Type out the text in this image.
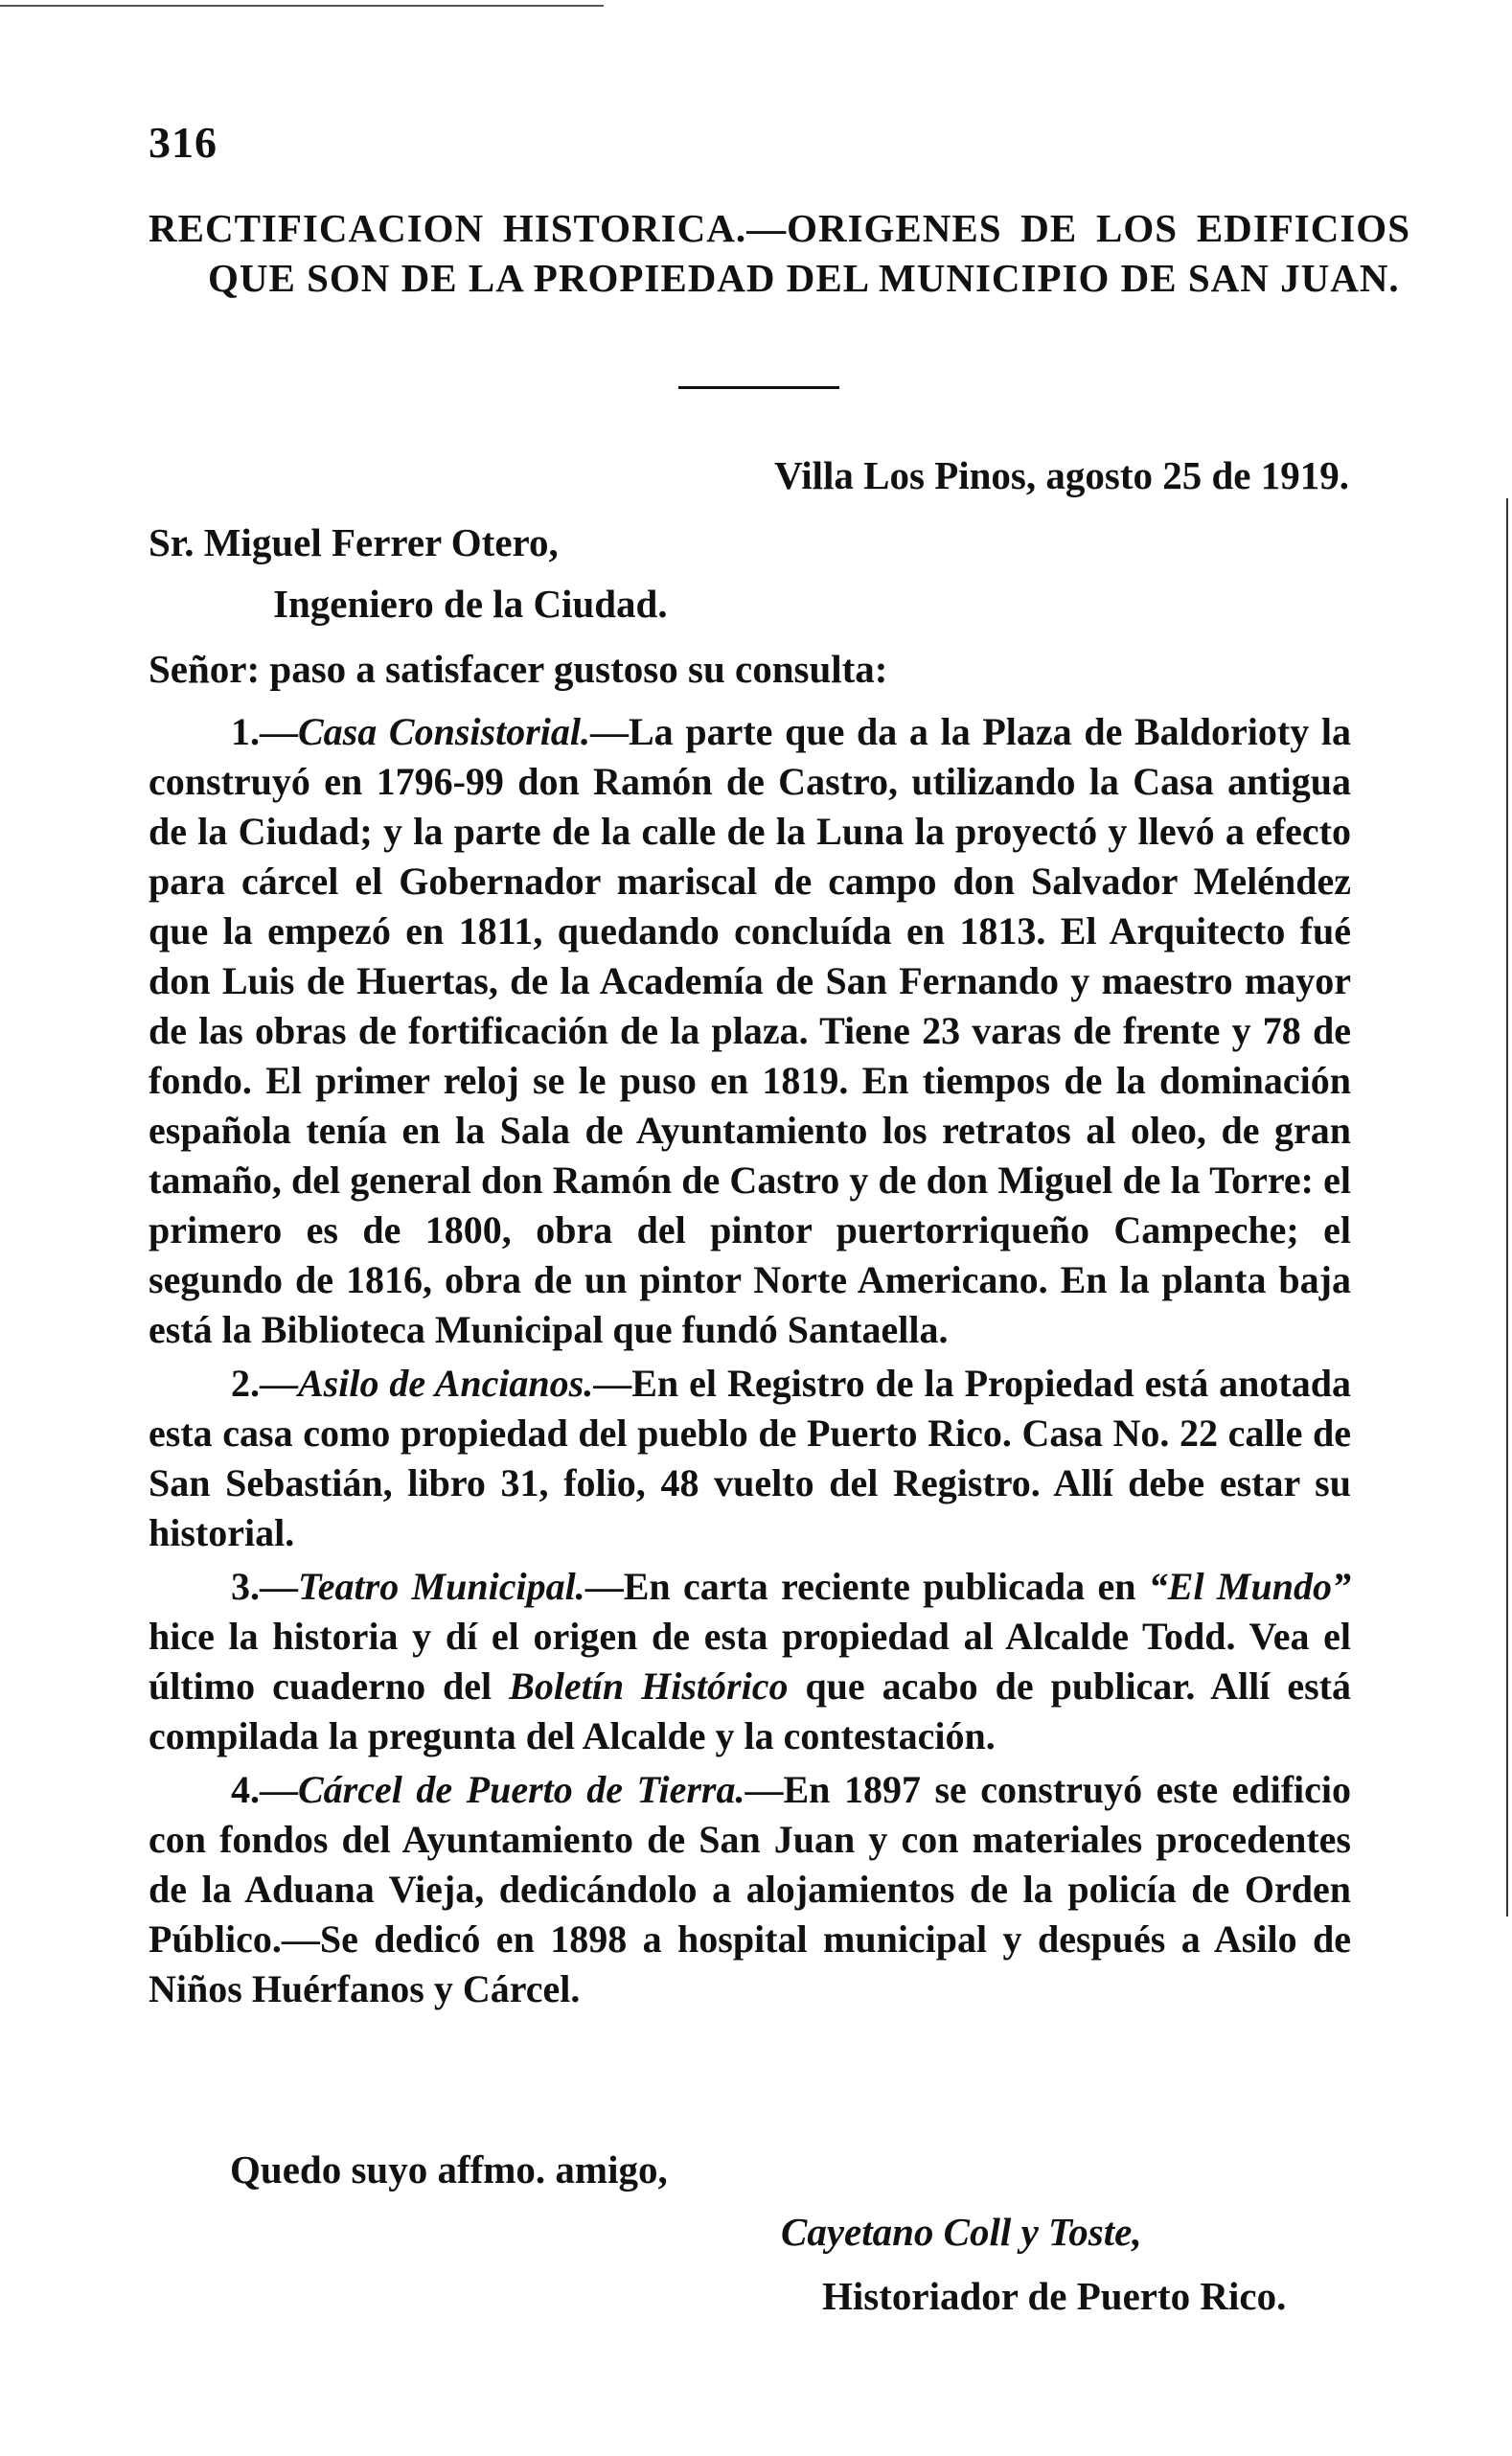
316
RECTIFICACION HISTORICA.—ORIGENES DE LOS EDIFICIOS QUE SON DE LA PROPIEDAD DEL MUNICIPIO DE SAN JUAN.
Villa Los Pinos, agosto 25 de 1919.
Sr. Miguel Ferrer Otero,
Ingeniero de la Ciudad.
Señor: paso a satisfacer gustoso su consulta:

1.—Casa Consistorial.—La parte que da a la Plaza de Baldorioty la construyó en 1796-99 don Ramón de Castro, utilizando la Casa antigua de la Ciudad; y la parte de la calle de la Luna la proyectó y llevó a efecto para cárcel el Gobernador mariscal de campo don Salvador Meléndez que la empezó en 1811, quedando concluída en 1813. El Arquitecto fué don Luis de Huertas, de la Academía de San Fernando y maestro mayor de las obras de fortificación de la plaza. Tiene 23 varas de frente y 78 de fondo. El primer reloj se le puso en 1819. En tiempos de la dominación española tenía en la Sala de Ayuntamiento los retratos al oleo, de gran tamaño, del general don Ramón de Castro y de don Miguel de la Torre: el primero es de 1800, obra del pintor puertorriqueño Campeche; el segundo de 1816, obra de un pintor Norte Americano. En la planta baja está la Biblioteca Municipal que fundó Santaella.

2.—Asilo de Ancianos.—En el Registro de la Propiedad está anotada esta casa como propiedad del pueblo de Puerto Rico. Casa No. 22 calle de San Sebastián, libro 31, folio, 48 vuelto del Registro. Allí debe estar su historial.

3.—Teatro Municipal.—En carta reciente publicada en “El Mundo” hice la historia y dí el origen de esta propiedad al Alcalde Todd. Vea el último cuaderno del Boletín Histórico que acabo de publicar. Allí está compilada la pregunta del Alcalde y la contestación.

4.—Cárcel de Puerto de Tierra.—En 1897 se construyó este edificio con fondos del Ayuntamiento de San Juan y con materiales procedentes de la Aduana Vieja, dedicándolo a alojamientos de la policía de Orden Público.—Se dedicó en 1898 a hospital municipal y después a Asilo de Niños Huérfanos y Cárcel.

Quedo suyo affmo. amigo,
Cayetano Coll y Toste,
Historiador de Puerto Rico.
